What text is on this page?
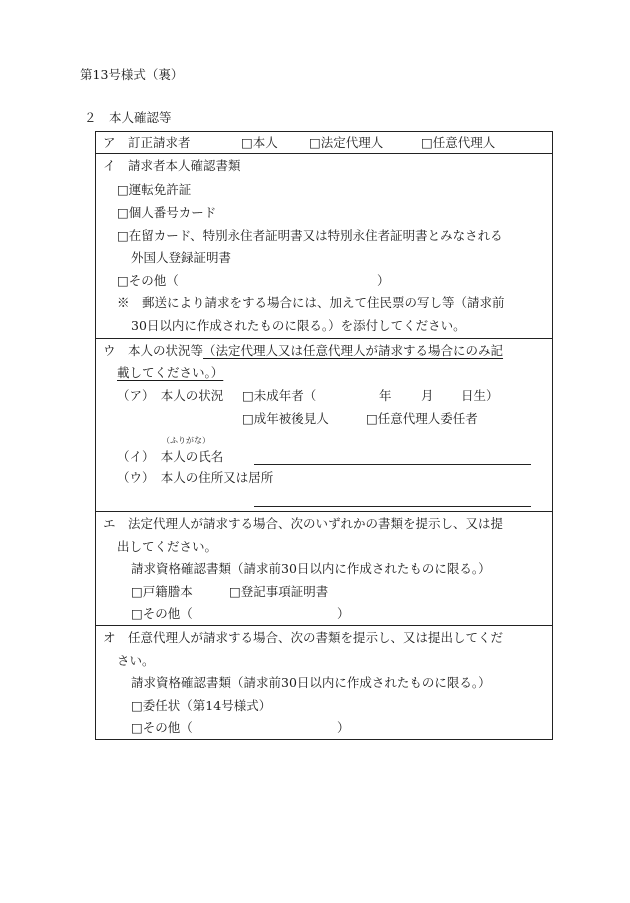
第13号様式（裏）
２　本人確認等
ア　訂正請求者	□本人 □法定代理人	□任意代理人
イ　請求者本人確認書類
□運転免許証
□個人番号カード
□在留カード、特別永住者証明書又は特別永住者証明書とみなされる
外国人登録証明書
□その他（	）
※　郵送により請求をする場合には、加えて住民票の写し等（請求前
30日以内に作成されたものに限る。）を添付してください。
ウ　本人の状況等（法定代理人又は任意代理人が請求する場合にのみ記
載してください。）
（ア）　本人の状況 □未成年者（	年 月 日生）
□成年被後見人	□任意代理人委任者
（ふりがな）
（イ）　本人の氏名
（ウ）　本人の住所又は居所
エ　法定代理人が請求する場合、次のいずれかの書類を提示し、又は提
出してください。
請求資格確認書類（請求前30日以内に作成されたものに限る。）
□戸籍謄本	□登記事項証明書
□その他（	）
オ　任意代理人が請求する場合、次の書類を提示し、又は提出してくだ
さい。
請求資格確認書類（請求前30日以内に作成されたものに限る。）
□委任状（第14号様式）
□その他（	）
